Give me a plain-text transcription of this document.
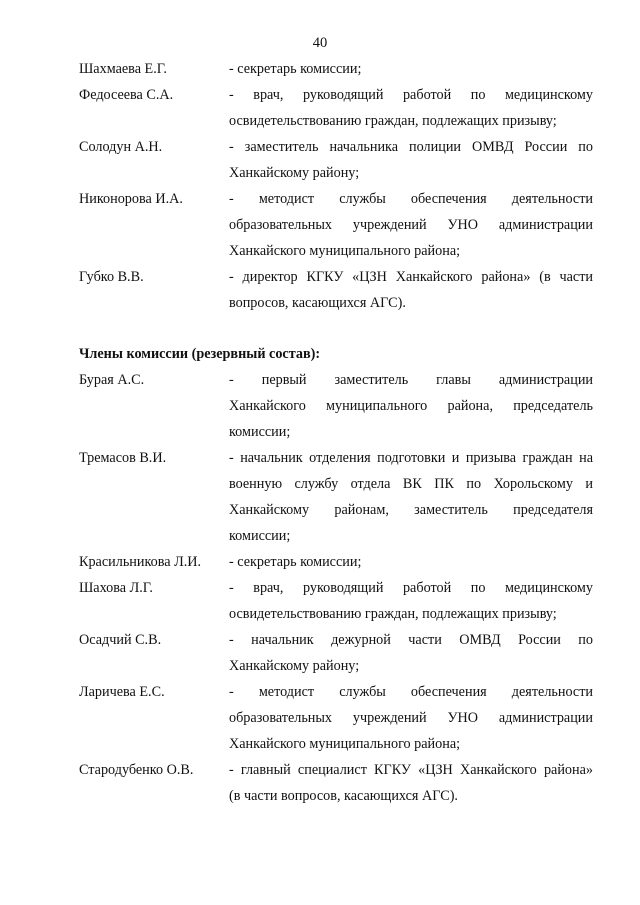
40
Шахмаева Е.Г.	- секретарь комиссии;
Федосеева С.А.	- врач, руководящий работой по медицинскому
освидетельствованию граждан, подлежащих призыву;
Солодун А.Н.	- заместитель начальника полиции ОМВД России по
Ханкайскому району;
Никонорова И.А.	- методист службы обеспечения деятельности
образовательных учреждений УНО администрации
Ханкайского муниципального района;
Губко В.В.	- директор КГКУ «ЦЗН Ханкайского района» (в части
вопросов, касающихся АГС).
Члены комиссии (резервный состав):
Бурая А.С.	- первый заместитель главы администрации
Ханкайского муниципального района, председатель
комиссии;
Тремасов В.И.	- начальник отделения подготовки и призыва граждан на
военную службу отдела ВК ПК по Хорольскому и
Ханкайскому районам, заместитель председателя
комиссии;
Красильникова Л.И. - секретарь комиссии;
Шахова Л.Г.	- врач, руководящий работой по медицинскому
освидетельствованию граждан, подлежащих призыву;
Осадчий С.В.	- начальник дежурной части ОМВД России по
Ханкайскому району;
Ларичева Е.С.	- методист службы обеспечения деятельности
образовательных учреждений УНО администрации
Ханкайского муниципального района;
Стародубенко О.В.	- главный специалист КГКУ «ЦЗН Ханкайского района»
(в части вопросов, касающихся АГС).
